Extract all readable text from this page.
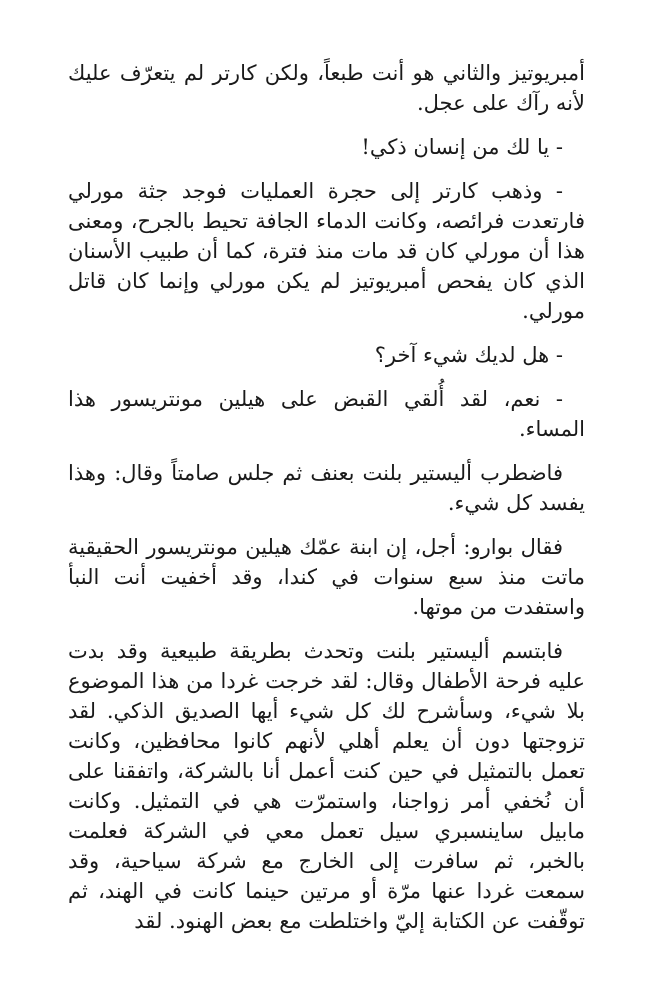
أمبريوتيز والثاني هو أنت طبعاً، ولكن كارتر لم يتعرّف عليك لأنه رآك على عجل.

- يا لك من إنسان ذكي!

- وذهب كارتر إلى حجرة العمليات فوجد جثة مورلي فارتعدت فرائصه، وكانت الدماء الجافة تحيط بالجرح، ومعنى هذا أن مورلي كان قد مات منذ فترة، كما أن طبيب الأسنان الذي كان يفحص أمبريوتيز لم يكن مورلي وإنما كان قاتل مورلي.

- هل لديك شيء آخر؟

- نعم، لقد أُلقي القبض على هيلين مونتريسور هذا المساء.

فاضطرب أليستير بلنت بعنف ثم جلس صامتاً وقال: وهذا يفسد كل شيء.

فقال بوارو: أجل، إن ابنة عمّك هيلين مونتريسور الحقيقية ماتت منذ سبع سنوات في كندا، وقد أخفيت أنت النبأ واستفدت من موتها.

فابتسم أليستير بلنت وتحدث بطريقة طبيعية وقد بدت عليه فرحة الأطفال وقال: لقد خرجت غردا من هذا الموضوع بلا شيء، وسأشرح لك كل شيء أيها الصديق الذكي. لقد تزوجتها دون أن يعلم أهلي لأنهم كانوا محافظين، وكانت تعمل بالتمثيل في حين كنت أعمل أنا بالشركة، واتفقنا على أن نُخفي أمر زواجنا، واستمرّت هي في التمثيل. وكانت مابيل ساينسبري سيل تعمل معي في الشركة فعلمت بالخبر، ثم سافرت إلى الخارج مع شركة سياحية، وقد سمعت غردا عنها مرّة أو مرتين حينما كانت في الهند، ثم توقّفت عن الكتابة إليّ واختلطت مع بعض الهنود. لقد
